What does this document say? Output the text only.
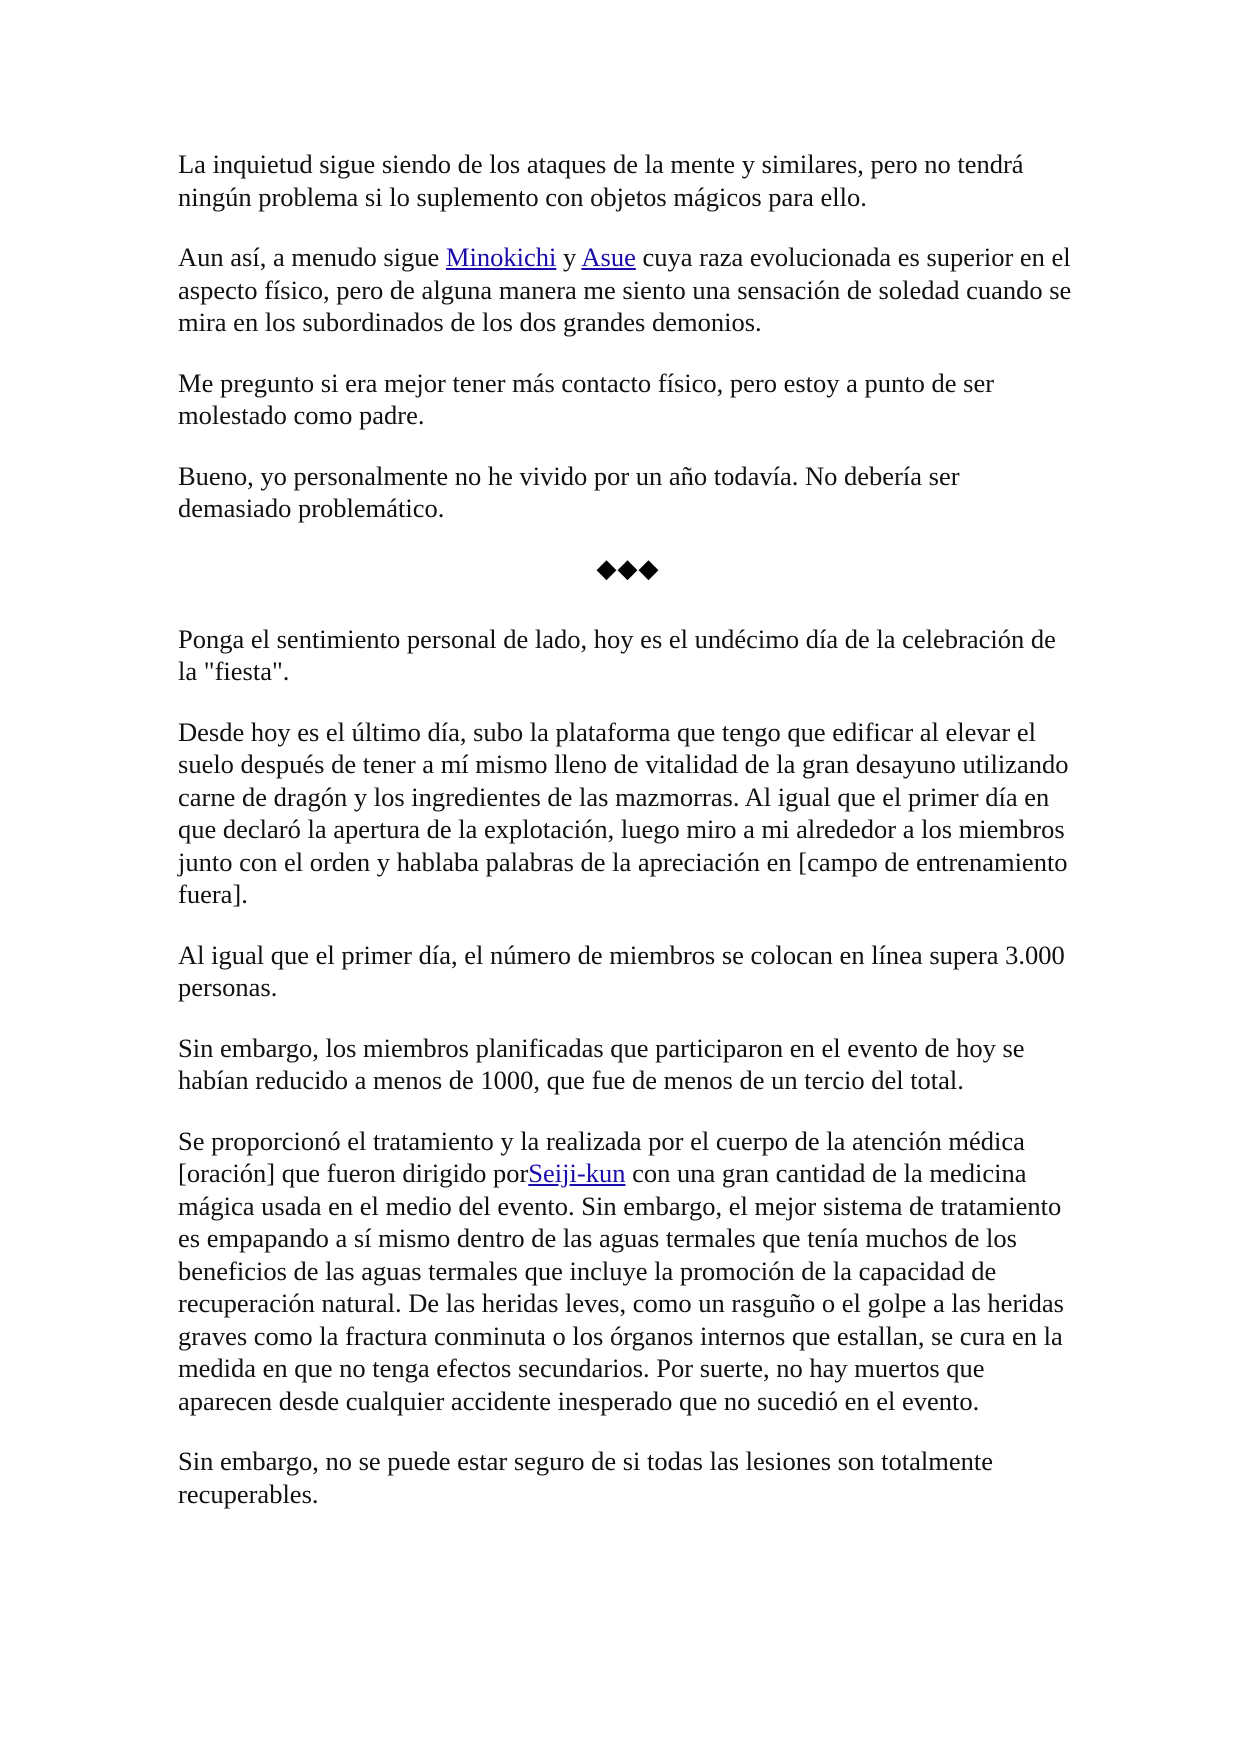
La inquietud sigue siendo de los ataques de la mente y similares, pero no tendrá ningún problema si lo suplemento con objetos mágicos para ello.

Aun así, a menudo sigue Minokichi y Asue cuya raza evolucionada es superior en el aspecto físico, pero de alguna manera me siento una sensación de soledad cuando se mira en los subordinados de los dos grandes demonios.

Me pregunto si era mejor tener más contacto físico, pero estoy a punto de ser molestado como padre.

Bueno, yo personalmente no he vivido por un año todavía. No debería ser demasiado problemático.

◆◆◆

Ponga el sentimiento personal de lado, hoy es el undécimo día de la celebración de la "fiesta".

Desde hoy es el último día, subo la plataforma que tengo que edificar al elevar el suelo después de tener a mí mismo lleno de vitalidad de la gran desayuno utilizando carne de dragón y los ingredientes de las mazmorras. Al igual que el primer día en que declaró la apertura de la explotación, luego miro a mi alrededor a los miembros junto con el orden y hablaba palabras de la apreciación en [campo de entrenamiento fuera].

Al igual que el primer día, el número de miembros se colocan en línea supera 3.000 personas.

Sin embargo, los miembros planificadas que participaron en el evento de hoy se habían reducido a menos de 1000, que fue de menos de un tercio del total.

Se proporcionó el tratamiento y la realizada por el cuerpo de la atención médica [oración] que fueron dirigido porSeiji-kun con una gran cantidad de la medicina mágica usada en el medio del evento. Sin embargo, el mejor sistema de tratamiento es empapando a sí mismo dentro de las aguas termales que tenía muchos de los beneficios de las aguas termales que incluye la promoción de la capacidad de recuperación natural. De las heridas leves, como un rasguño o el golpe a las heridas graves como la fractura conminuta o los órganos internos que estallan, se cura en la medida en que no tenga efectos secundarios. Por suerte, no hay muertos que aparecen desde cualquier accidente inesperado que no sucedió en el evento.

Sin embargo, no se puede estar seguro de si todas las lesiones son totalmente recuperables.
